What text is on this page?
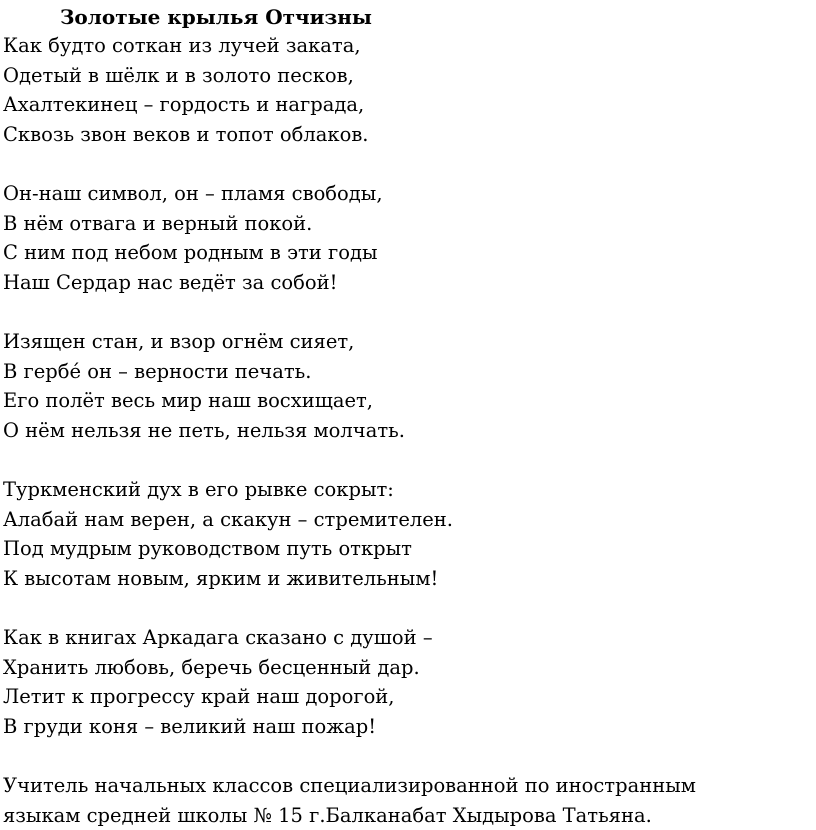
Золотые крылья Отчизны
Как будто соткан из лучей заката,
Одетый в шёлк и в золото песков,
Ахалтекинец – гордость и награда,
Сквозь звон веков и топот облаков.
Он-наш символ, он – пламя свободы,
В нём отвага и верный покой.
С ним под небом родным в эти годы
Наш Сердар нас ведёт за собой!
Изящен стан, и взор огнём сияет,
В гербе́ он – верности печать.
Его полёт весь мир наш восхищает,
О нём нельзя не петь, нельзя молчать.
Туркменский дух в его рывке сокрыт:
Алабай нам верен, а скакун – стремителен.
Под мудрым руководством путь открыт
К высотам новым, ярким и живительным!
Как в книгах Аркадага сказано с душой –
Хранить любовь, беречь бесценный дар.
Летит к прогрессу край наш дорогой,
В груди коня – великий наш пожар!
Учитель начальных классов специализированной по иностранным
языкам средней школы № 15 г.Балканабат Хыдырова Татьяна.
